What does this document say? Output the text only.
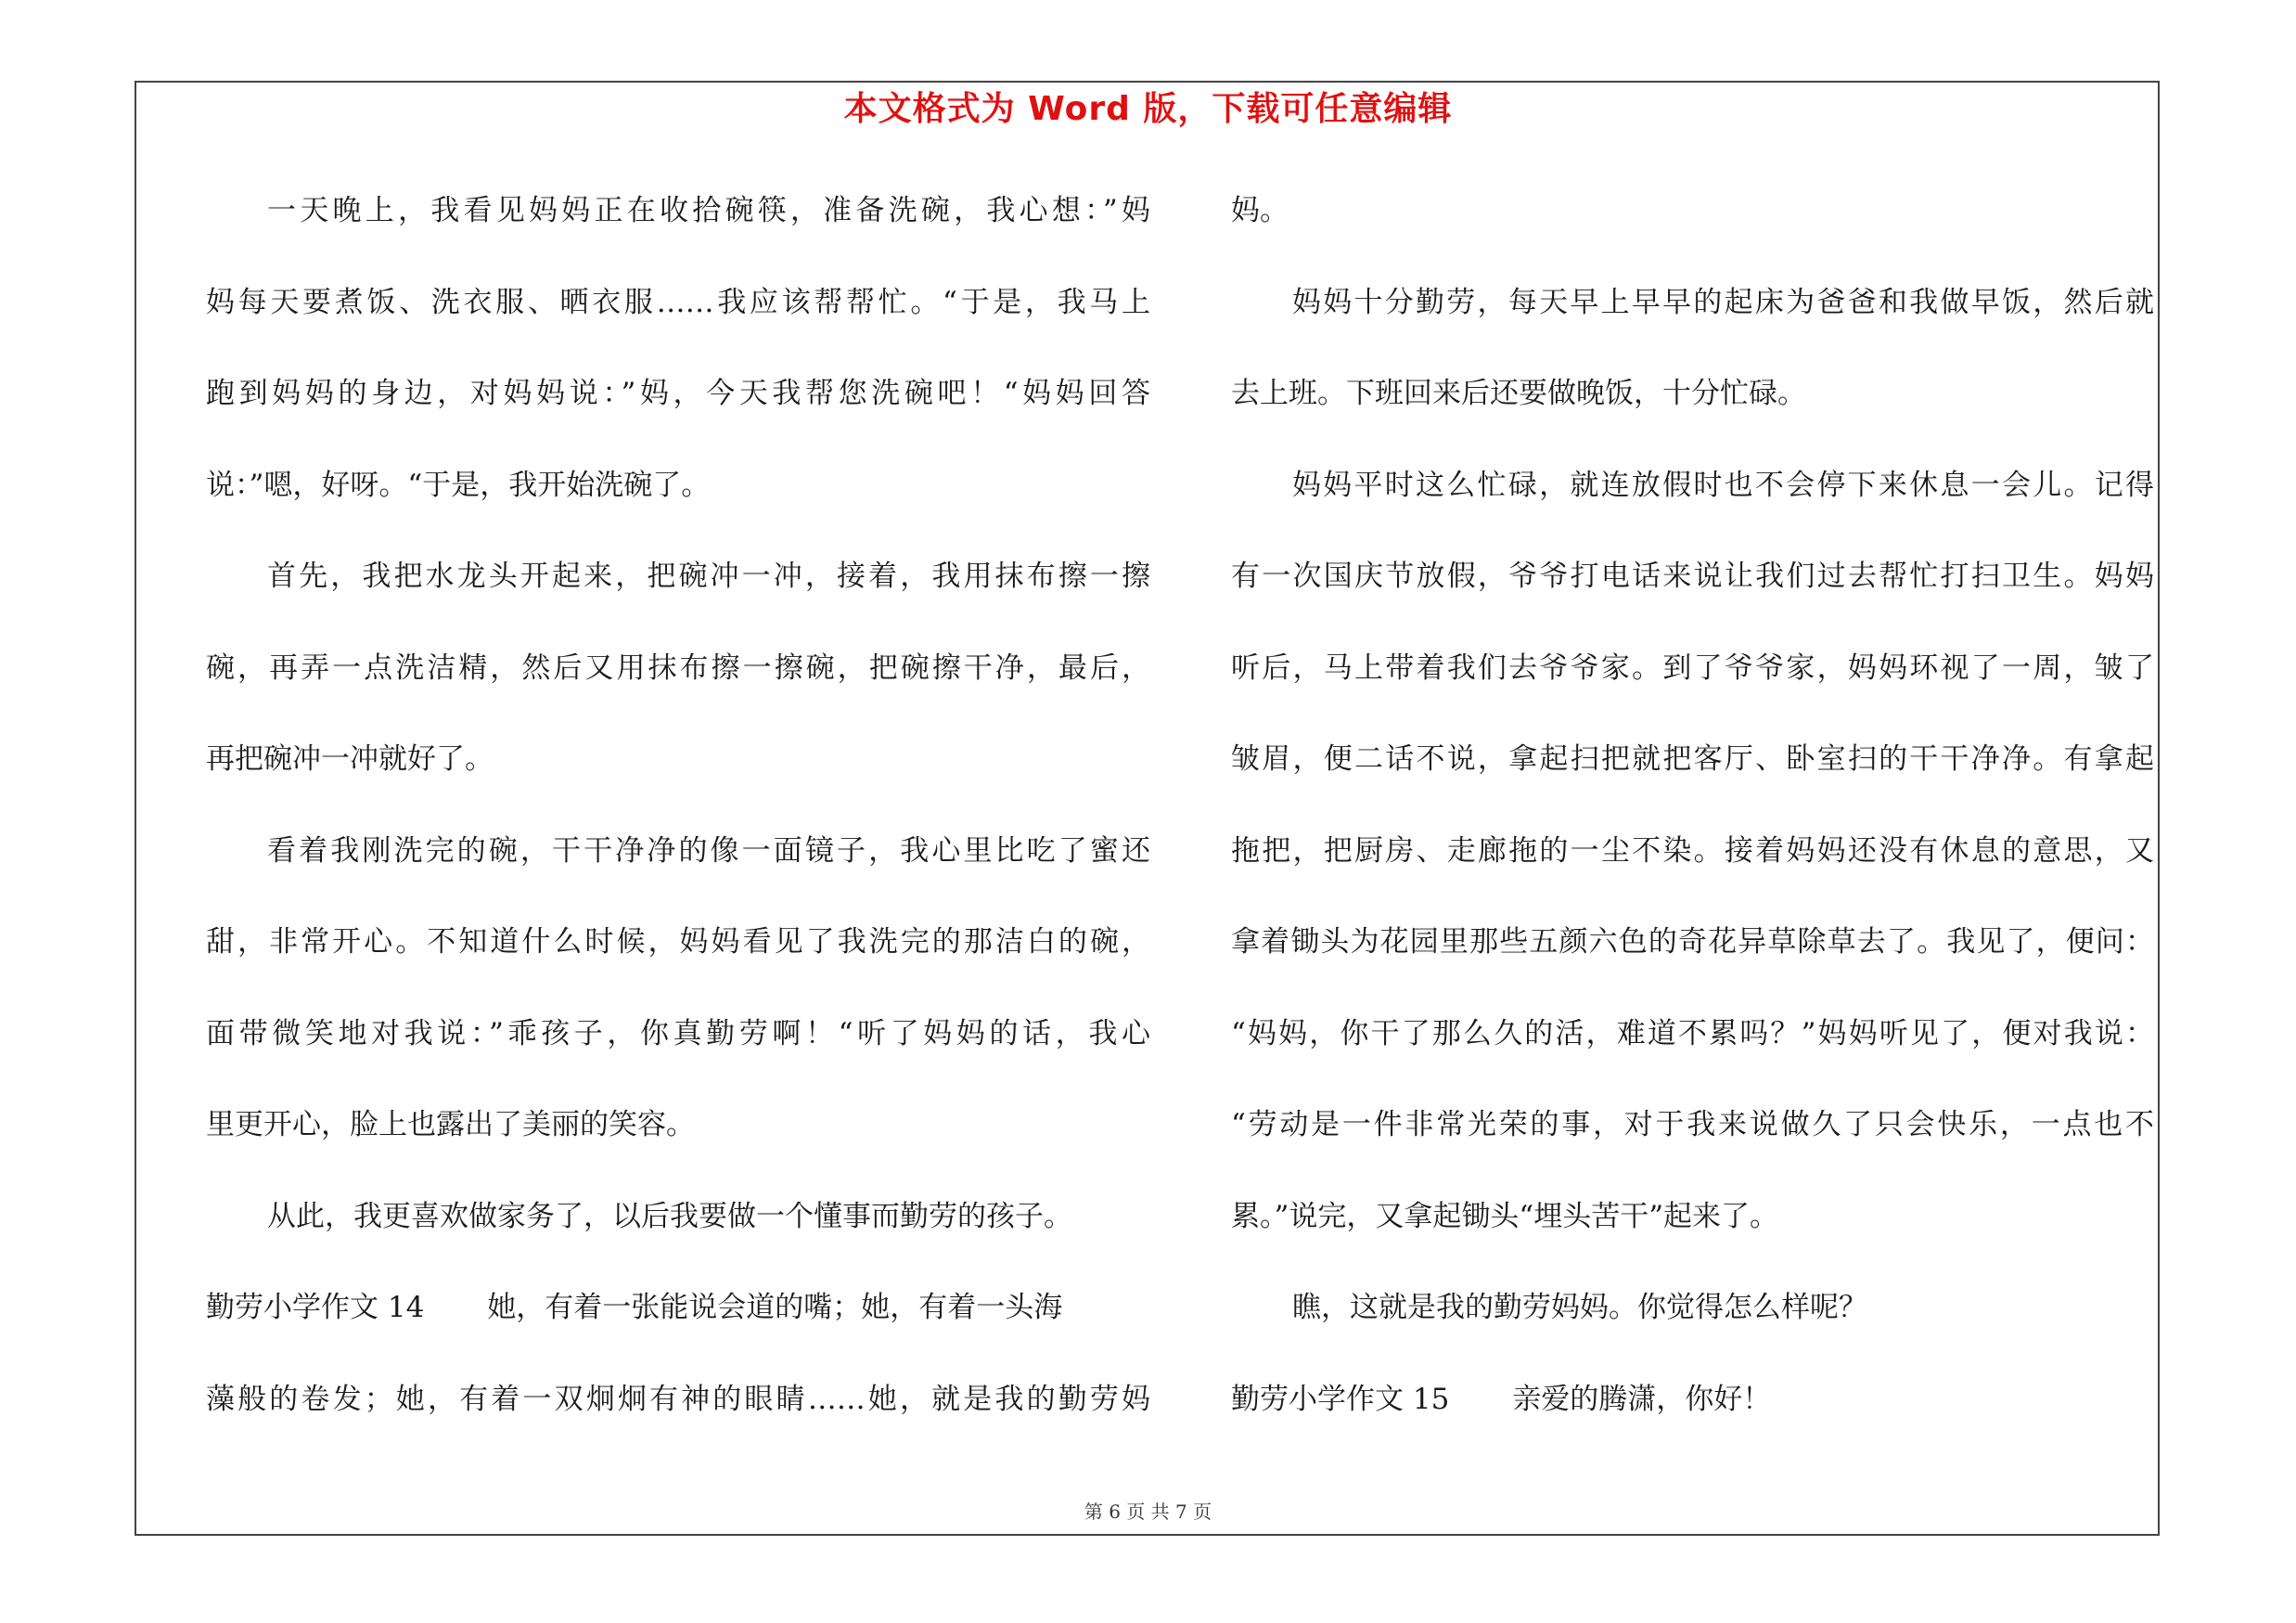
本文格式为 Word 版，下载可任意编辑
一天晚上，我看见妈妈正在收拾碗筷，准备洗碗，我心想：”妈
妈每天要煮饭、洗衣服、晒衣服……我应该帮帮忙。“于是，我马上
跑到妈妈的身边，对妈妈说：”妈，今天我帮您洗碗吧！“妈妈回答
说：”嗯，好呀。“于是，我开始洗碗了。
首先，我把水龙头开起来，把碗冲一冲，接着，我用抹布擦一擦
碗，再弄一点洗洁精，然后又用抹布擦一擦碗，把碗擦干净，最后，
再把碗冲一冲就好了。
看着我刚洗完的碗，干干净净的像一面镜子，我心里比吃了蜜还
甜，非常开心。不知道什么时候，妈妈看见了我洗完的那洁白的碗，
面带微笑地对我说：”乖孩子，你真勤劳啊！“听了妈妈的话，我心
里更开心，脸上也露出了美丽的笑容。
从此，我更喜欢做家务了，以后我要做一个懂事而勤劳的孩子。
勤劳小学作文 14 她，有着一张能说会道的嘴；她，有着一头海
藻般的卷发；她，有着一双炯炯有神的眼睛……她，就是我的勤劳妈
妈。
妈妈十分勤劳，每天早上早早的起床为爸爸和我做早饭，然后就
去上班。下班回来后还要做晚饭，十分忙碌。
妈妈平时这么忙碌，就连放假时也不会停下来休息一会儿。记得
有一次国庆节放假，爷爷打电话来说让我们过去帮忙打扫卫生。妈妈
听后，马上带着我们去爷爷家。到了爷爷家，妈妈环视了一周，皱了
皱眉，便二话不说，拿起扫把就把客厅、卧室扫的干干净净。有拿起
拖把，把厨房、走廊拖的一尘不染。接着妈妈还没有休息的意思，又
拿着锄头为花园里那些五颜六色的奇花异草除草去了。我见了，便问：
“妈妈，你干了那么久的活，难道不累吗？”妈妈听见了，便对我说：
“劳动是一件非常光荣的事，对于我来说做久了只会快乐，一点也不
累。”说完，又拿起锄头“埋头苦干”起来了。
瞧，这就是我的勤劳妈妈。你觉得怎么样呢？
勤劳小学作文 15 亲爱的腾潇，你好！
第 6 页 共 7 页
